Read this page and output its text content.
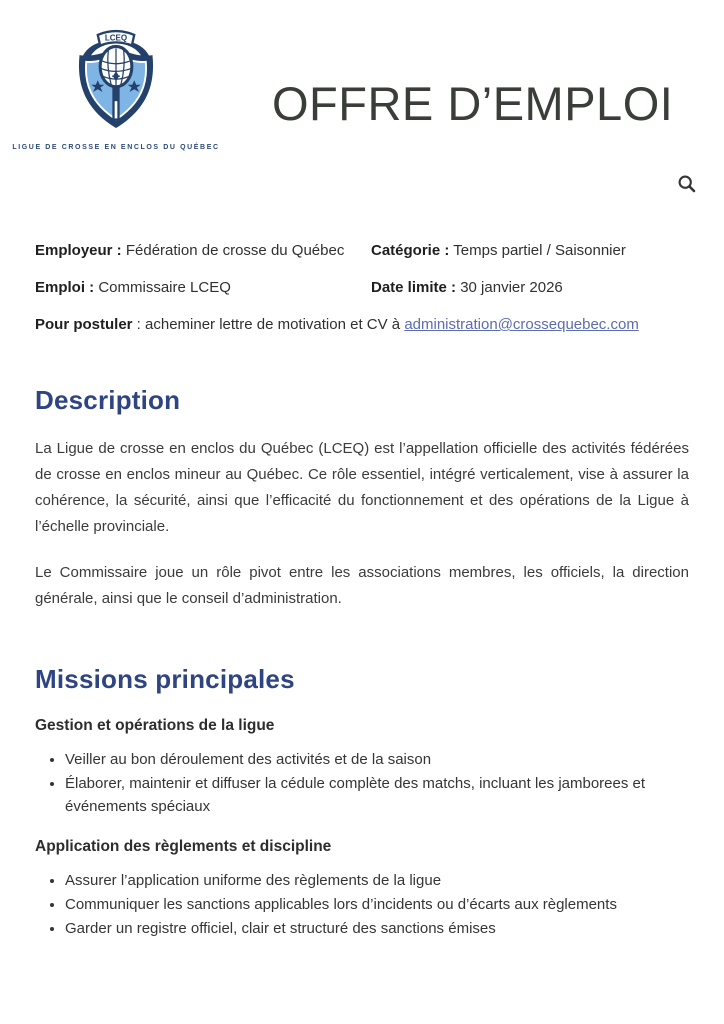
LCEQ
LIGUE DE CROSSE EN ENCLOS DU QUÉBEC
OFFRE D’EMPLOI
Employeur : Fédération de crosse du Québec	Catégorie : Temps partiel / Saisonnier
Emploi : Commissaire LCEQ	Date limite : 30 janvier 2026
Pour postuler : acheminer lettre de motivation et CV à administration@crossequebec.com
Description

La Ligue de crosse en enclos du Québec (LCEQ) est l’appellation officielle des activités fédérées de crosse en enclos mineur au Québec. Ce rôle essentiel, intégré verticalement, vise à assurer la cohérence, la sécurité, ainsi que l’efficacité du fonctionnement et des opérations de la Ligue à l’échelle provinciale.

Le Commissaire joue un rôle pivot entre les associations membres, les officiels, la direction générale, ainsi que le conseil d’administration.

Missions principales
Gestion et opérations de la ligue
• Veiller au bon déroulement des activités et de la saison
• Élaborer, maintenir et diffuser la cédule complète des matchs, incluant les jamborees et événements spéciaux
Application des règlements et discipline
• Assurer l’application uniforme des règlements de la ligue
• Communiquer les sanctions applicables lors d’incidents ou d’écarts aux règlements
• Garder un registre officiel, clair et structuré des sanctions émises
